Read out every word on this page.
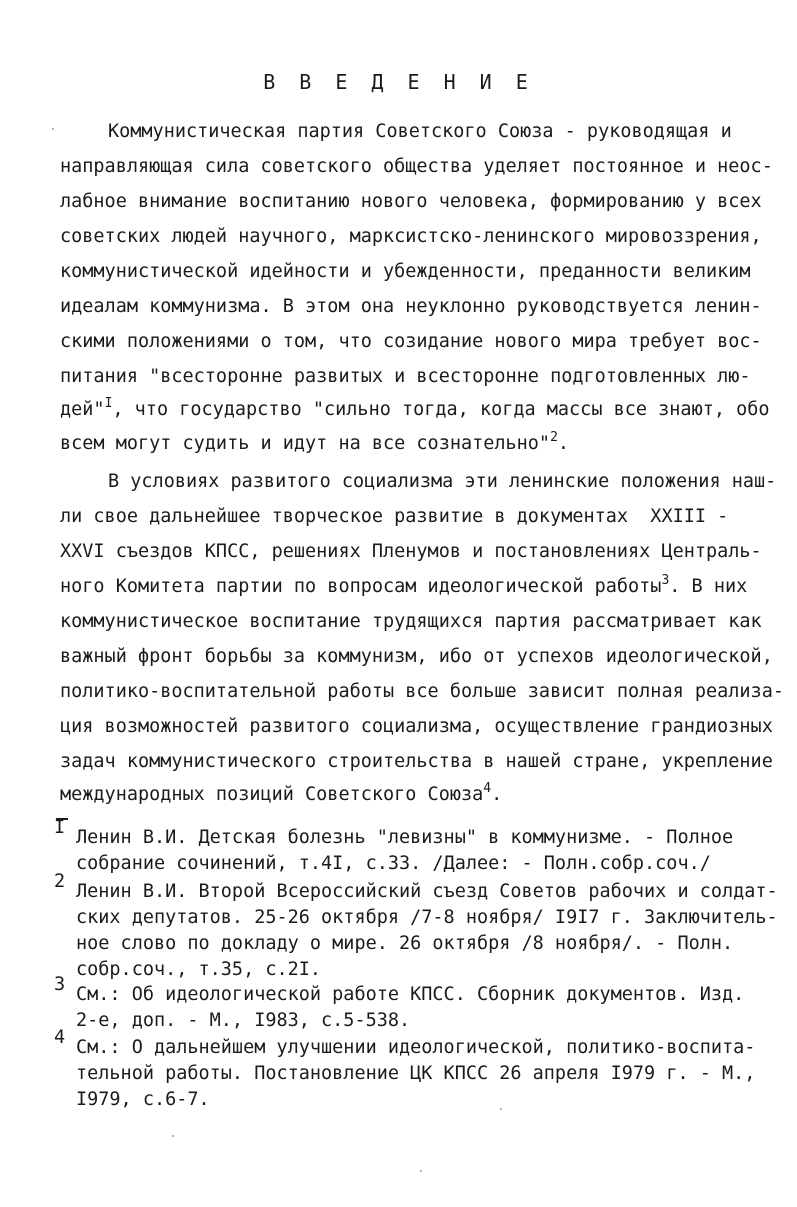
В В Е Д Е Н И Е
Коммунистическая партия Советского Союза - руководящая и
направляющая сила советского общества уделяет постоянное и неос-
лабное внимание воспитанию нового человека, формированию у всех
советских людей научного, марксистско-ленинского мировоззрения,
коммунистической идейности и убежденности, преданности великим
идеалам коммунизма. В этом она неуклонно руководствуется ленин-
скими положениями о том, что созидание нового мира требует вос-
питания "всесторонне развитых и всесторонне подготовленных лю-
дей"$^I$, что государство "сильно тогда, когда массы все знают, обо
всем могут судить и идут на все сознательно"$^2$.
В условиях развитого социализма эти ленинские положения наш-
ли свое дальнейшее творческое развитие в документах  XXIII -
XXVI съездов КПСС, решениях Пленумов и постановлениях Централь-
ного Комитета партии по вопросам идеологической работы$^3$. В них
коммунистическое воспитание трудящихся партия рассматривает как
важный фронт борьбы за коммунизм, ибо от успехов идеологической,
политико-воспитательной работы все больше зависит полная реализа-
ция возможностей развитого социализма, осуществление грандиозных
задач коммунистического строительства в нашей стране, укрепление
международных позиций Советского Союза$^4$.
I Ленин В.И. Детская болезнь "левизны" в коммунизме. - Полное
собрание сочинений, т.4I, с.33. /Далее: - Полн.собр.соч./
2 Ленин В.И. Второй Всероссийский съезд Советов рабочих и солдат-
ских депутатов. 25-26 октября /7-8 ноября/ I9I7 г. Заключитель-
ное слово по докладу о мире. 26 октября /8 ноября/. - Полн.
собр.соч., т.35, с.2I.
3 См.: Об идеологической работе КПСС. Сборник документов. Изд.
2-е, доп. - М., I983, с.5-538.
4 См.: О дальнейшем улучшении идеологической, политико-воспита-
тельной работы. Постановление ЦК КПСС 26 апреля I979 г. - М.,
I979, с.6-7.
